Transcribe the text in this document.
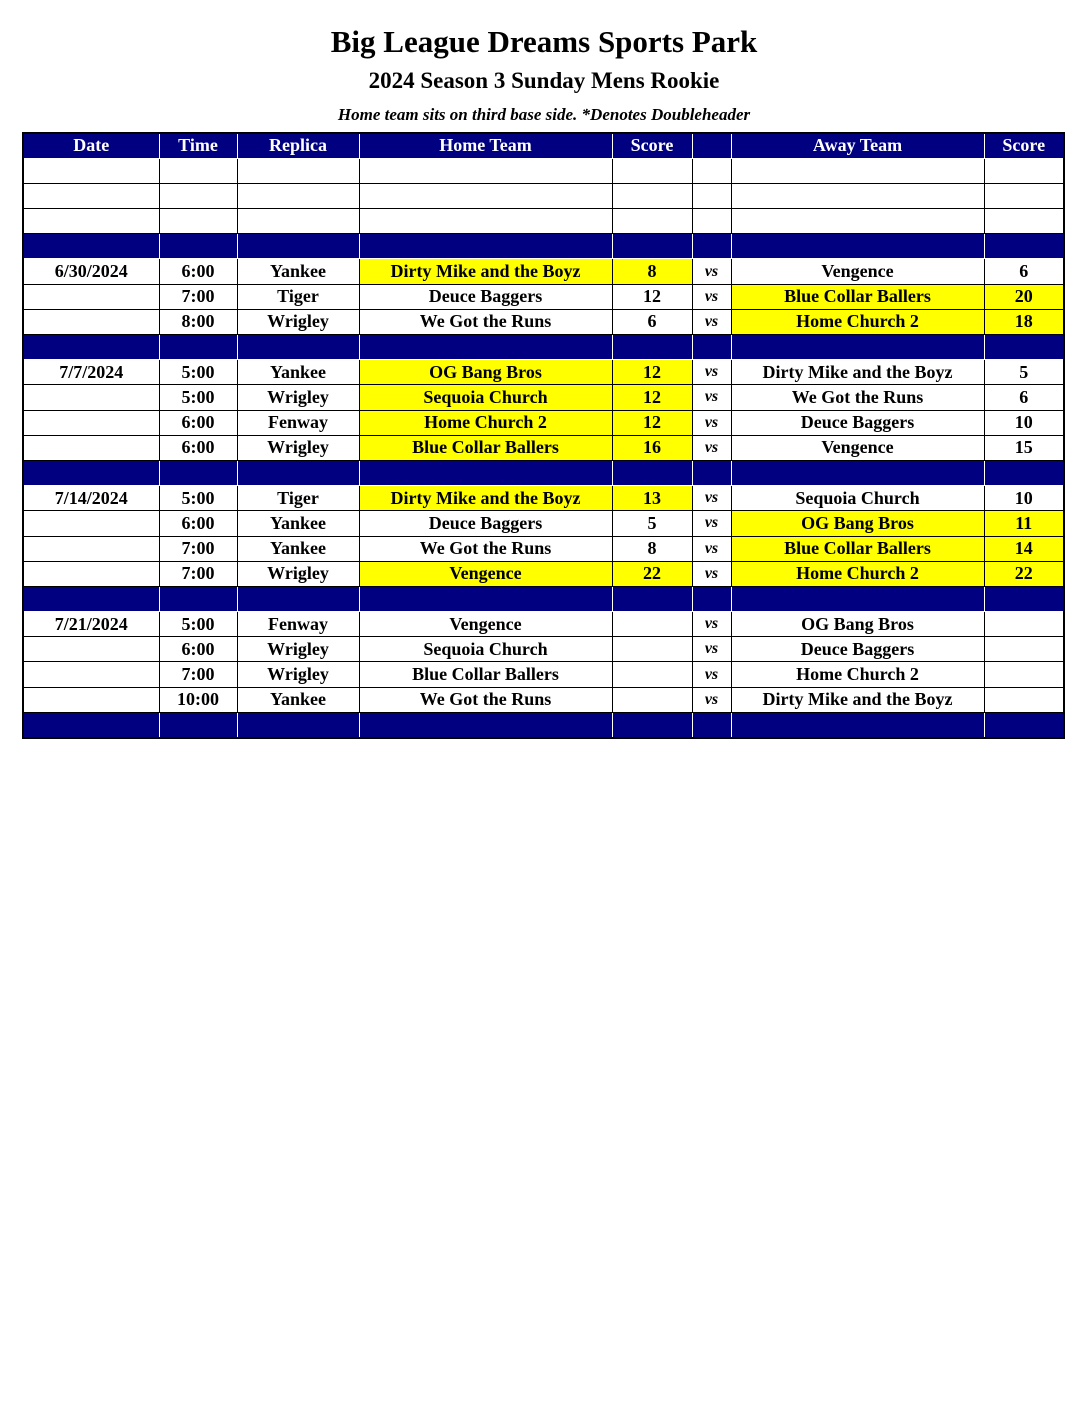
Big League Dreams Sports Park
2024 Season 3 Sunday Mens Rookie
Home team sits on third base side. *Denotes Doubleheader
Date	Time	Replica	Home Team	Score		Away Team	Score

6/30/2024	6:00	Yankee	Dirty Mike and the Boyz	8	vs	Vengence	6
	7:00	Tiger	Deuce Baggers	12	vs	Blue Collar Ballers	20
	8:00	Wrigley	We Got the Runs	6	vs	Home Church 2	18

7/7/2024	5:00	Yankee	OG Bang Bros	12	vs	Dirty Mike and the Boyz	5
	5:00	Wrigley	Sequoia Church	12	vs	We Got the Runs	6
	6:00	Fenway	Home Church 2	12	vs	Deuce Baggers	10
	6:00	Wrigley	Blue Collar Ballers	16	vs	Vengence	15

7/14/2024	5:00	Tiger	Dirty Mike and the Boyz	13	vs	Sequoia Church	10
	6:00	Yankee	Deuce Baggers	5	vs	OG Bang Bros	11
	7:00	Yankee	We Got the Runs	8	vs	Blue Collar Ballers	14
	7:00	Wrigley	Vengence	22	vs	Home Church 2	22

7/21/2024	5:00	Fenway	Vengence		vs	OG Bang Bros	
	6:00	Wrigley	Sequoia Church		vs	Deuce Baggers	
	7:00	Wrigley	Blue Collar Ballers		vs	Home Church 2	
	10:00	Yankee	We Got the Runs		vs	Dirty Mike and the Boyz	
